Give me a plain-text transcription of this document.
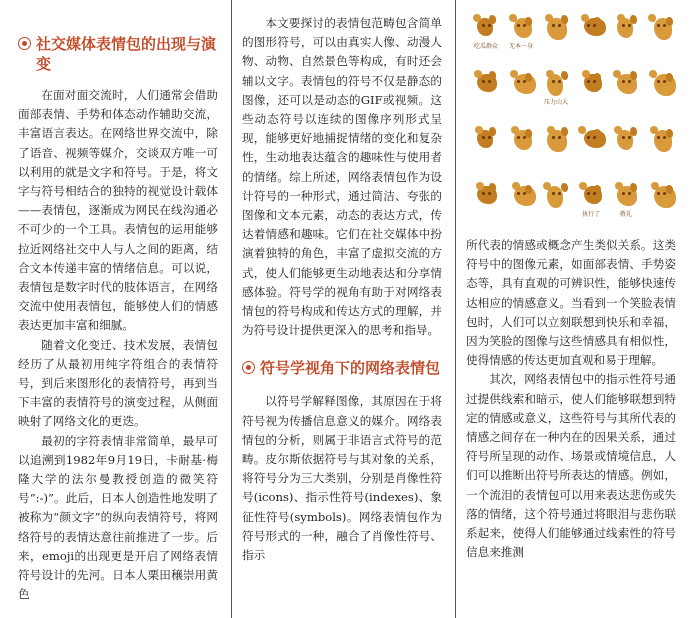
社交媒体表情包的出现与演变

在面对面交流时，人们通常会借助面部表情、手势和体态动作辅助交流，丰富语言表达。在网络世界交流中，除了语音、视频等媒介，交谈双方唯一可以利用的就是文字和符号。于是，将文字与符号相结合的独特的视觉设计载体——表情包，逐渐成为网民在线沟通必不可少的一个工具。表情包的运用能够拉近网络社交中人与人之间的距离，结合文本传递丰富的情绪信息。可以说，表情包是数字时代的肢体语言，在网络交流中使用表情包，能够使人们的情感表达更加丰富和细腻。

随着文化变迁、技术发展，表情包经历了从最初用纯字符组合的表情符号，到后来图形化的表情符号，再到当下丰富的表情符号的演变过程，从侧面映射了网络文化的更迭。

最初的字符表情非常简单，最早可以追溯到1982年9月19日，卡耐基·梅隆大学的法尔曼教授创造的微笑符号“:-)”。此后，日本人创造性地发明了被称为“颜文字”的纵向表情符号，将网络符号的表情达意往前推进了一步。后来，emoji的出现更是开启了网络表情符号设计的先河。日本人栗田穣崇用黄色

本文要探讨的表情包范畴包含简单的图形符号，可以由真实人像、动漫人物、动物、自然景色等构成，有时还会辅以文字。表情包的符号不仅是静态的图像，还可以是动态的GIF或视频。这些动态符号以连续的图像序列形式呈现，能够更好地捕捉情绪的变化和复杂性，生动地表达蕴含的趣味性与使用者的情绪。综上所述，网络表情包作为设计符号的一种形式，通过简洁、夸张的图像和文本元素，动态的表达方式，传达着情感和趣味。它们在社交媒体中扮演着独特的角色，丰富了虚拟交流的方式，使人们能够更生动地表达和分享情感体验。符号学的视角有助于对网络表情包的符号构成和传达方式的理解，并为符号设计提供更深入的思考和指导。

符号学视角下的网络表情包

以符号学解释图像，其原因在于将符号视为传播信息意义的媒介。网络表情包的分析，则属于非语言式符号的范畴。皮尔斯依据符号与其对象的关系，将符号分为三大类别，分别是肖像性符号(icons)、指示性符号(indexes)、象征性符号(symbols)。网络表情包作为符号形式的一种，融合了肖像性符号、指示

吃瓜群众	无本一身
压力山大
执行了	敬礼

所代表的情感或概念产生类似关系。这类符号中的图像元素，如面部表情、手势姿态等，具有直观的可辨识性，能够快速传达相应的情感意义。当看到一个笑脸表情包时，人们可以立刻联想到快乐和幸福，因为笑脸的图像与这些情感具有相似性，使得情感的传达更加直观和易于理解。

其次，网络表情包中的指示性符号通过提供线索和暗示，使人们能够联想到特定的情感或意义，这些符号与其所代表的情感之间存在一种内在的因果关系，通过符号所呈现的动作、场景或情境信息，人们可以推断出符号所表达的情感。例如，一个流泪的表情包可以用来表达悲伤或失落的情绪，这个符号通过将眼泪与悲伤联系起来，使得人们能够通过线索性的符号信息来推测
